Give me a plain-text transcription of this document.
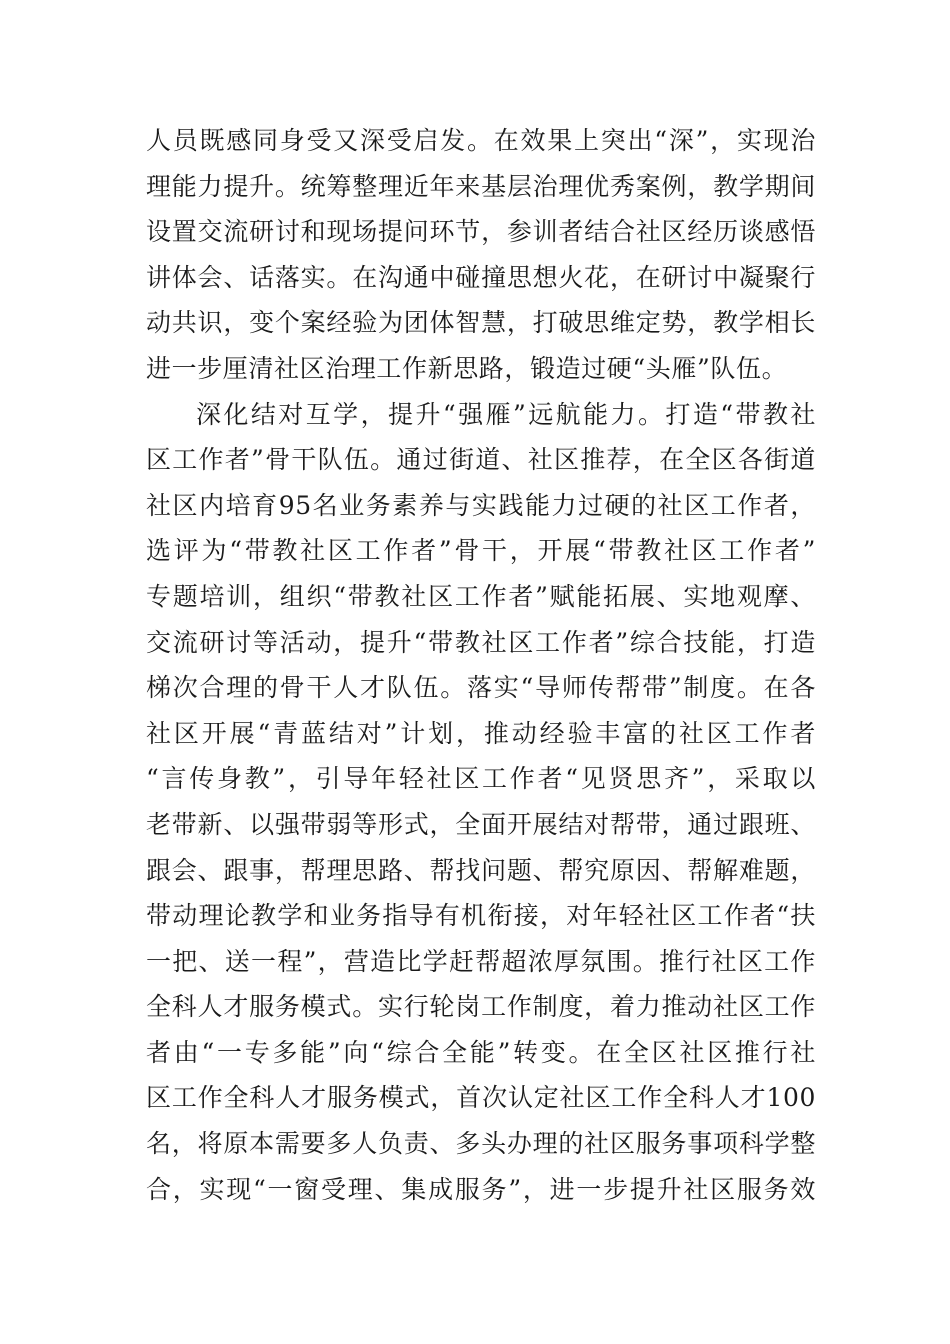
人员既感同身受又深受启发。在效果上突出“深”，实现治
理能力提升。统筹整理近年来基层治理优秀案例，教学期间
设置交流研讨和现场提问环节，参训者结合社区经历谈感悟
讲体会、话落实。在沟通中碰撞思想火花，在研讨中凝聚行
动共识，变个案经验为团体智慧，打破思维定势，教学相长
进一步厘清社区治理工作新思路，锻造过硬“头雁”队伍。
深化结对互学，提升“强雁”远航能力。打造“带教社
区工作者”骨干队伍。通过街道、社区推荐，在全区各街道
社区内培育95名业务素养与实践能力过硬的社区工作者，
选评为“带教社区工作者”骨干，开展“带教社区工作者”
专题培训，组织“带教社区工作者”赋能拓展、实地观摩、
交流研讨等活动，提升“带教社区工作者”综合技能，打造
梯次合理的骨干人才队伍。落实“导师传帮带”制度。在各
社区开展“青蓝结对”计划，推动经验丰富的社区工作者
“言传身教”，引导年轻社区工作者“见贤思齐”，采取以
老带新、以强带弱等形式，全面开展结对帮带，通过跟班、
跟会、跟事，帮理思路、帮找问题、帮究原因、帮解难题，
带动理论教学和业务指导有机衔接，对年轻社区工作者“扶
一把、送一程”，营造比学赶帮超浓厚氛围。推行社区工作
全科人才服务模式。实行轮岗工作制度，着力推动社区工作
者由“一专多能”向“综合全能”转变。在全区社区推行社
区工作全科人才服务模式，首次认定社区工作全科人才100
名，将原本需要多人负责、多头办理的社区服务事项科学整
合，实现“一窗受理、集成服务”，进一步提升社区服务效
